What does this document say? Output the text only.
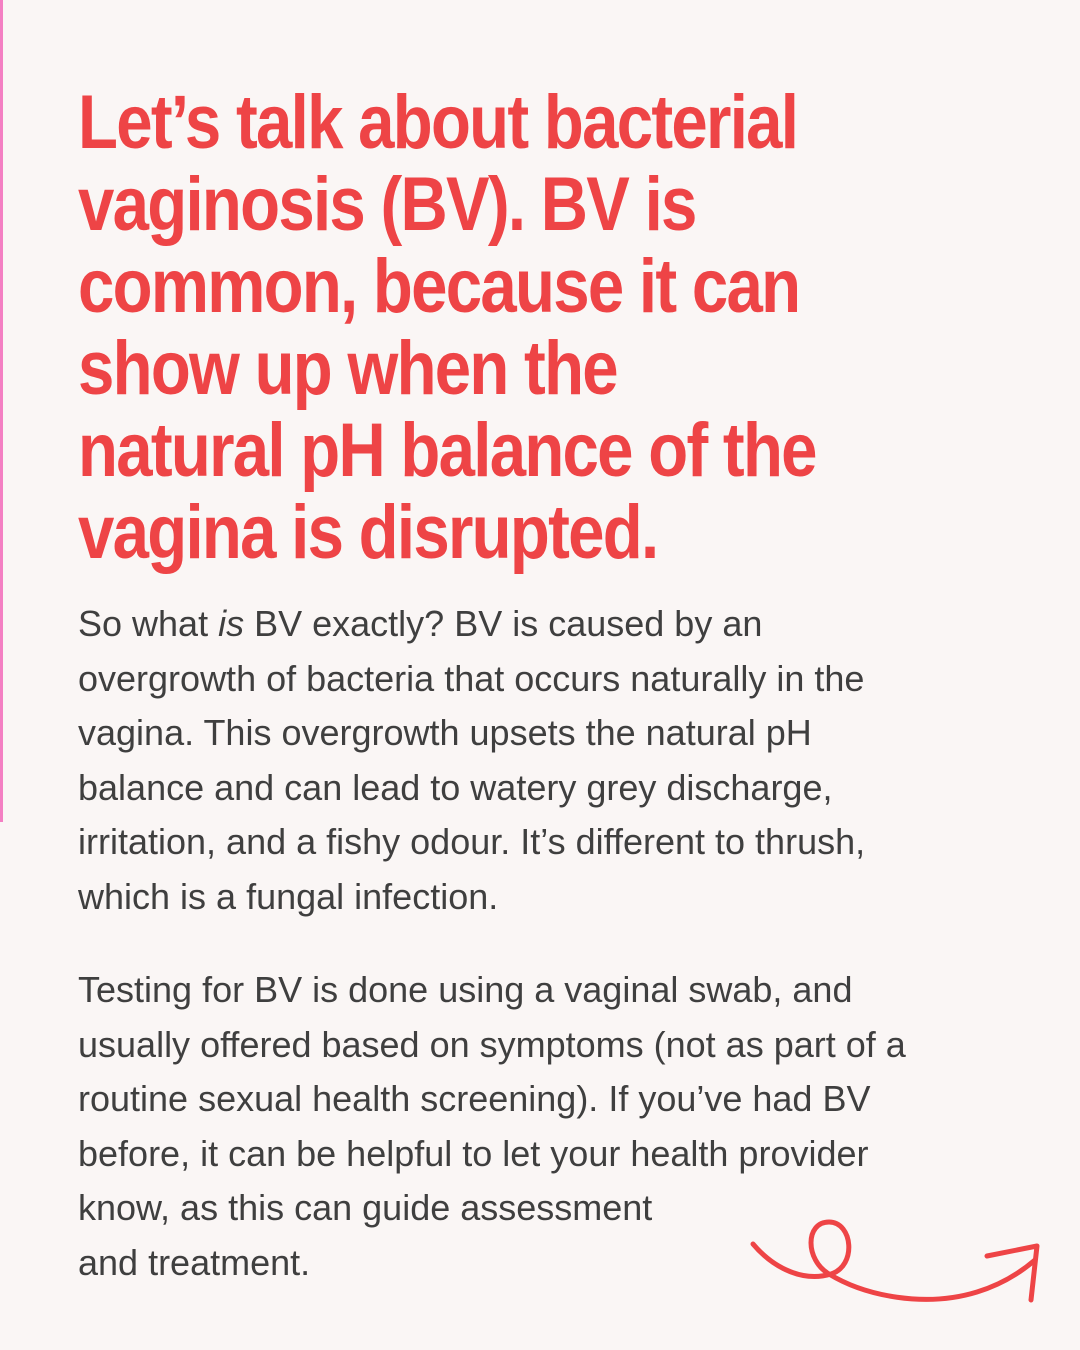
Let’s talk about bacterial
vaginosis (BV). BV is
common, because it can
show up when the
natural pH balance of the
vagina is disrupted.

So what is BV exactly? BV is caused by an
overgrowth of bacteria that occurs naturally in the
vagina. This overgrowth upsets the natural pH
balance and can lead to watery grey discharge,
irritation, and a fishy odour. It’s different to thrush,
which is a fungal infection.

Testing for BV is done using a vaginal swab, and
usually offered based on symptoms (not as part of a
routine sexual health screening). If you’ve had BV
before, it can be helpful to let your health provider
know, as this can guide assessment
and treatment.
